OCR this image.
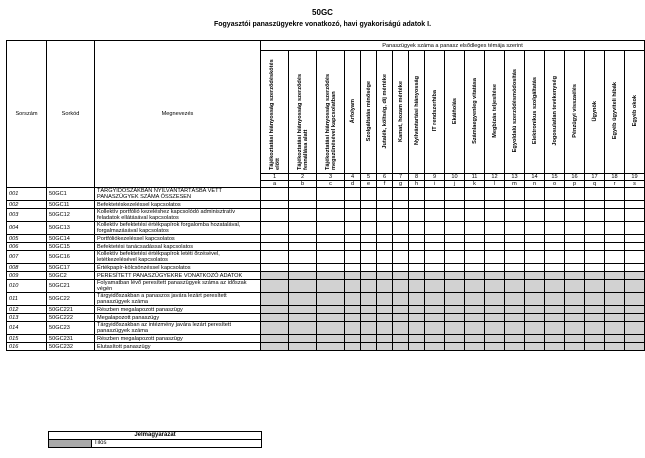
50GC
Fogyasztói panaszügyekre vonatkozó, havi gyakoriságú adatok I.
Sorszám	Sorkód	Megnevezés	Panaszügyek száma a panasz elsődleges témája szerint																		

			Tájékoztatási hiányosság szerződéskötés előtt	Tájékoztatási hiányosság szerződés fennállása alatt	Tájékoztatási hiányosság szerződés megszűnésével kapcsolatban	Árfolyam	Szolgáltatás minősége	Jutalék, költség, díj mértéke	Kamat, hozam mértéke	Nyilvántartási hiányosság	IT rendszerhiba	Ekáiňolás	Számlaegyenleg vitatása	Megbízás teljesítése	Egyoldalú szerződésmódosítás	Elektronikus szolgáltatás	Jogosulatlan tevékenység	Pénzügyi visszaélés	Ügynök	Egyéb ügyviteli hibák	Egyéb okok

			1	2	3	4	5	6	7	8	9	10	11	12	13	14	15	16	17	18	19
			a	b	c	d	e	f	g	h	i	j	k	l	m	n	o	p	q	r	s
001	50GC1	TÁRGYIDŐSZAKBAN NYILVÁNTARTÁSBA VETT PANASZÜGYEK SZÁMA ÖSSZESEN																			
002	50GC11	Befektetéskezeléssel kapcsolatos																			
003	50GC12	Kollektív portfólió kezeléshez kapcsolódó adminisztratív feladatok ellátásával kapcsolatos																			
004	50GC13	Kollektív befektetési értékpapírok forgalomba hozatalával, forgalmazásával kapcsolatos																			
005	50GC14	Portfóliókezeléssel kapcsolatos																			
006	50GC15	Befektetési tanácsadással kapcsolatos																			
007	50GC16	Kollektív befektetési értékpapírok letéti őrzésével, letétkezelésével kapcsolatos																			
008	50GC17	Értékpapír-kölcsönzéssel kapcsolatos																			
009	50GC2	PERESÍTETT PANASZÜGYEKRE VONATKOZÓ ADATOK																			
010	50GC21	Folyamatban lévő peresített panaszügyek száma az időszak végén																			
011	50GC22	Tárgyidőszakban a panaszos javára lezárt peresített panaszügyek száma																			
012	50GC221	Részben megalapozott panaszügy																			
013	50GC222	Megalapozott panaszügy																			
014	50GC23	Tárgyidőszakban az intézmény javára lezárt peresített panaszügyek száma																			
015	50GC231	Részben megalapozott panaszügy																			
016	50GC232	Elutasított panaszügy																			
Jelmagyarázat
	Tilos
